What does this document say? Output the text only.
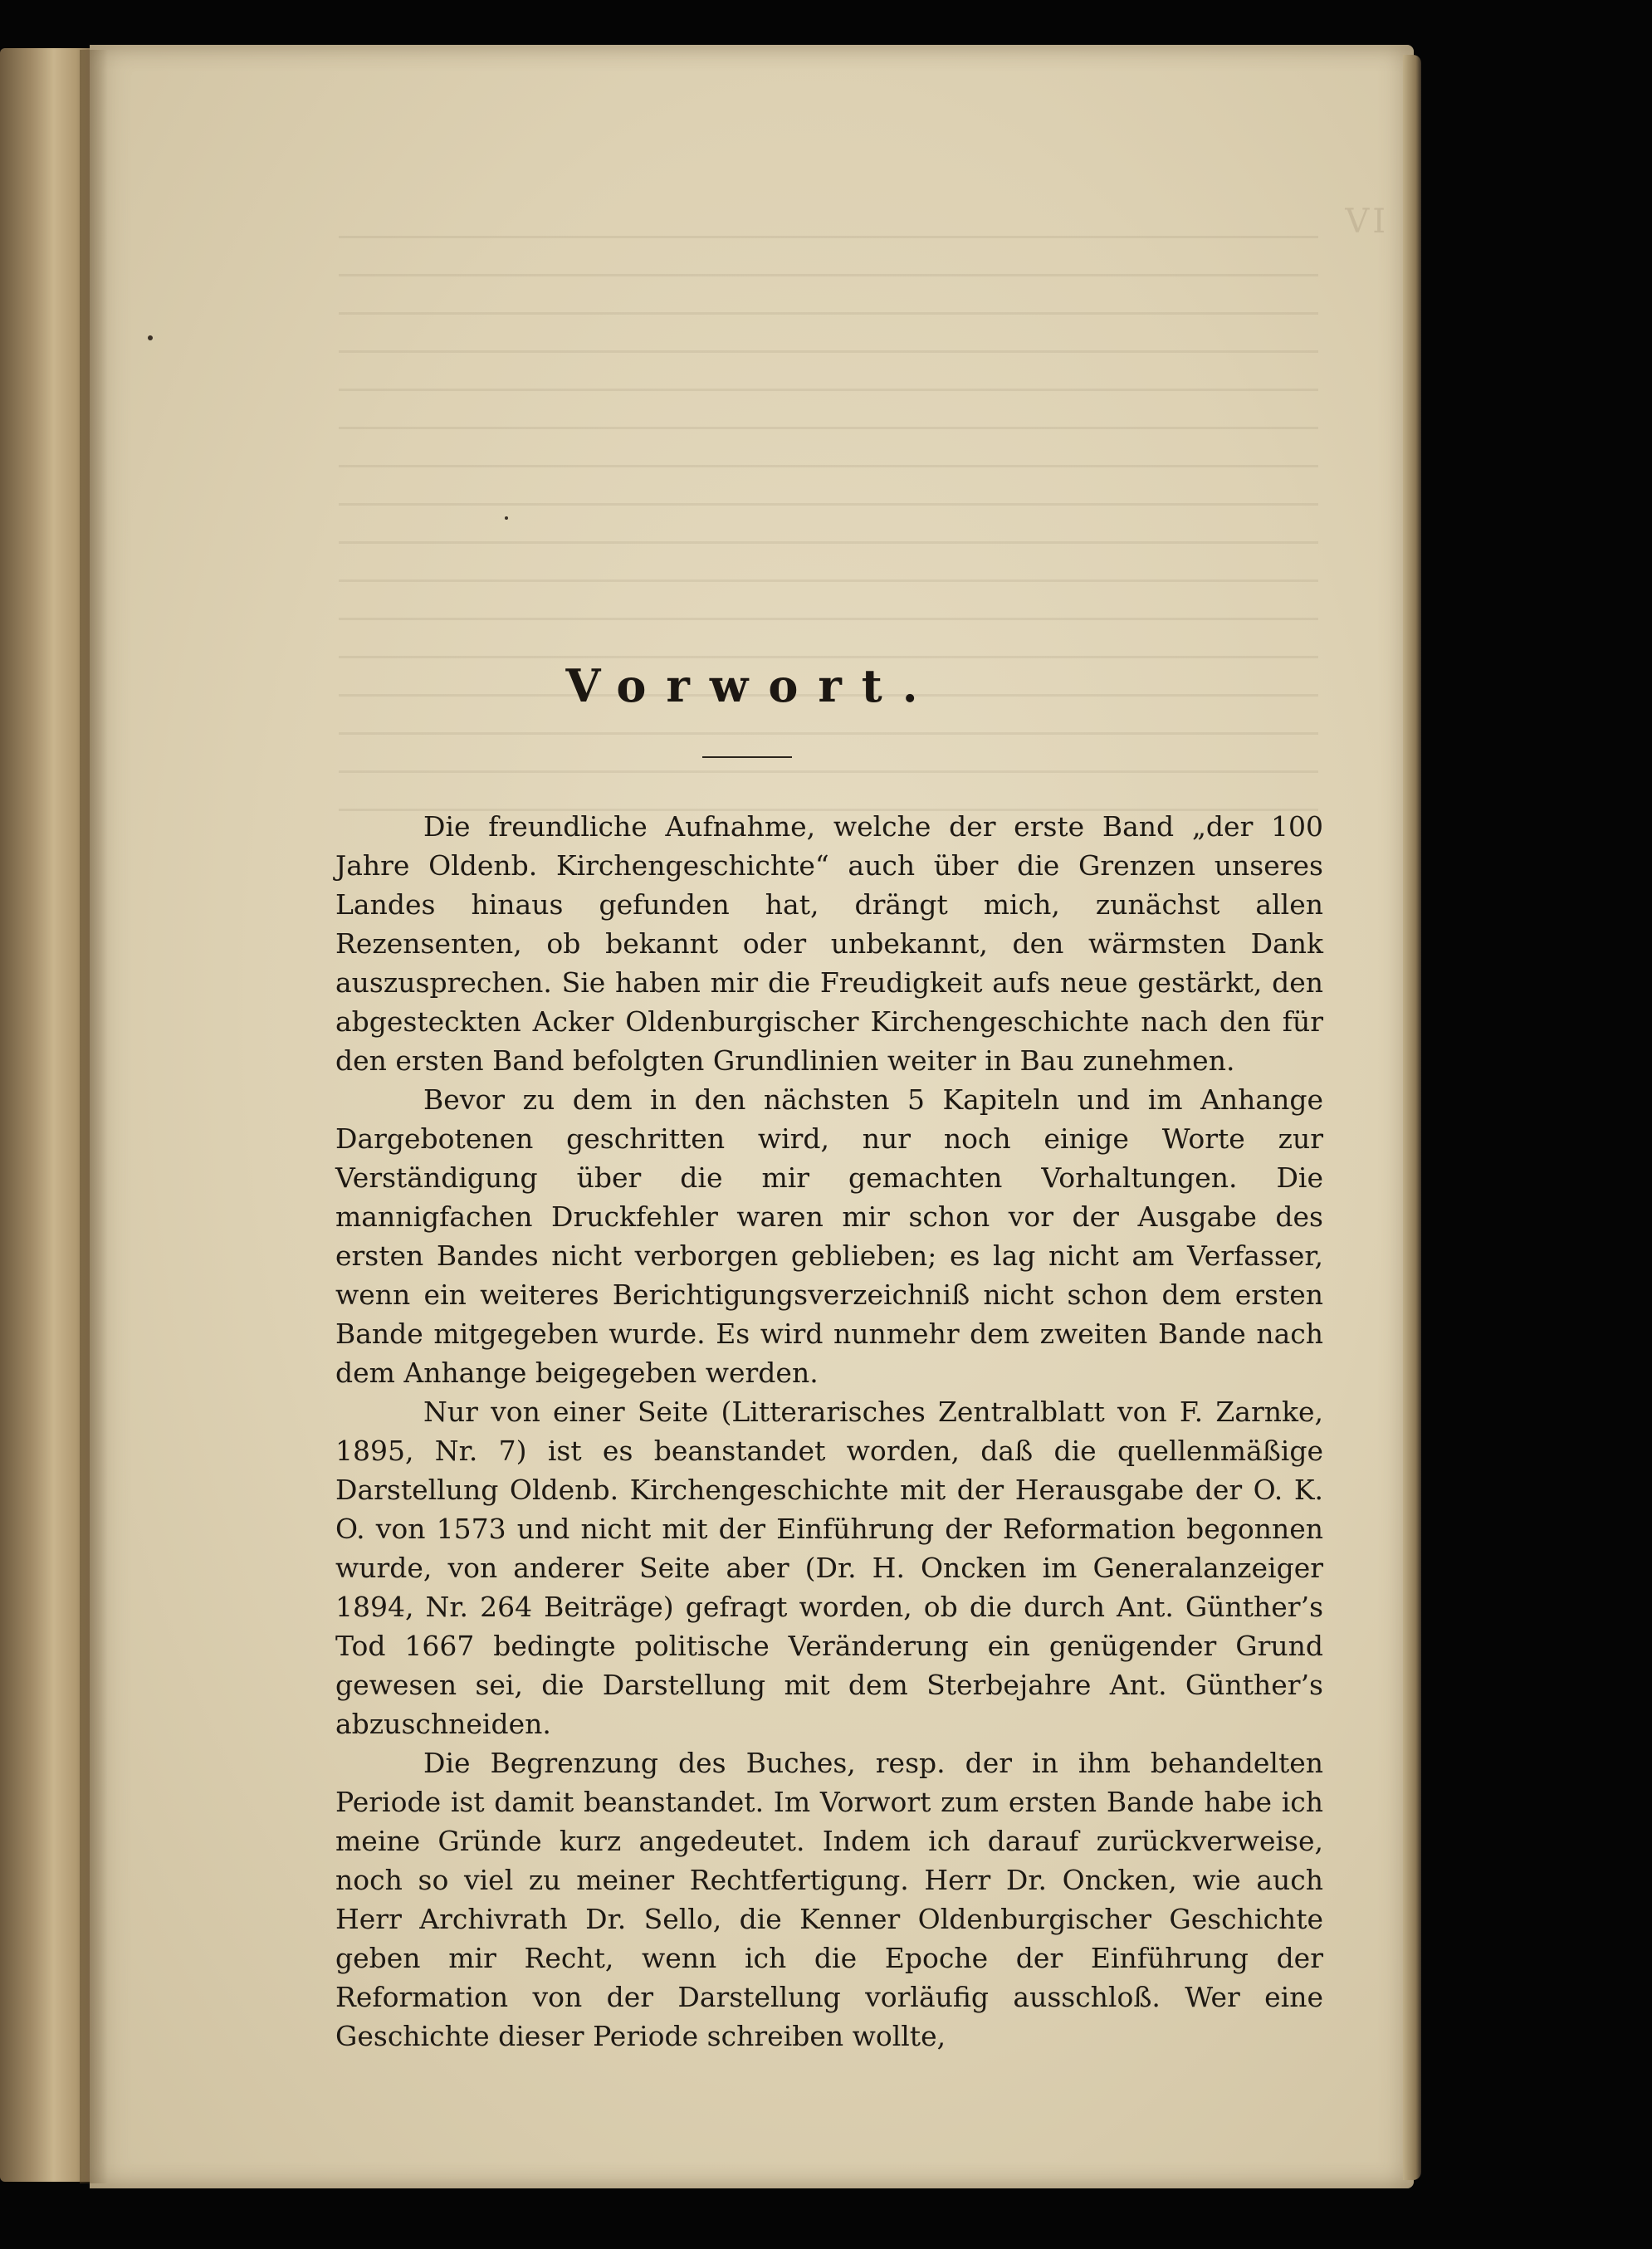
VI
Vorwort.

Die freundliche Aufnahme, welche der erste Band „der 100 Jahre Oldenb. Kirchengeschichte“ auch über die Grenzen unseres Landes hinaus gefunden hat, drängt mich, zunächst allen Rezensenten, ob bekannt oder unbekannt, den wärmsten Dank auszusprechen. Sie haben mir die Freudigkeit aufs neue gestärkt, den abgesteckten Acker Oldenburgischer Kirchengeschichte nach den für den ersten Band befolgten Grundlinien weiter in Bau zunehmen.

Bevor zu dem in den nächsten 5 Kapiteln und im Anhange Dargebotenen geschritten wird, nur noch einige Worte zur Verständigung über die mir gemachten Vorhaltungen. Die mannigfachen Druckfehler waren mir schon vor der Ausgabe des ersten Bandes nicht verborgen geblieben; es lag nicht am Verfasser, wenn ein weiteres Berichtigungsverzeichniß nicht schon dem ersten Bande mitgegeben wurde. Es wird nunmehr dem zweiten Bande nach dem Anhange beigegeben werden.

Nur von einer Seite (Litterarisches Zentralblatt von F. Zarnke, 1895, Nr. 7) ist es beanstandet worden, daß die quellenmäßige Darstellung Oldenb. Kirchengeschichte mit der Herausgabe der O. K. O. von 1573 und nicht mit der Einführung der Reformation begonnen wurde, von anderer Seite aber (Dr. H. Oncken im Generalanzeiger 1894, Nr. 264 Beiträge) gefragt worden, ob die durch Ant. Günther’s Tod 1667 bedingte politische Veränderung ein genügender Grund gewesen sei, die Darstellung mit dem Sterbejahre Ant. Günther’s abzuschneiden.

Die Begrenzung des Buches, resp. der in ihm behandelten Periode ist damit beanstandet. Im Vorwort zum ersten Bande habe ich meine Gründe kurz angedeutet. Indem ich darauf zurückverweise, noch so viel zu meiner Rechtfertigung. Herr Dr. Oncken, wie auch Herr Archivrath Dr. Sello, die Kenner Oldenburgischer Geschichte geben mir Recht, wenn ich die Epoche der Einführung der Reformation von der Darstellung vorläufig ausschloß. Wer eine Geschichte dieser Periode schreiben wollte,
